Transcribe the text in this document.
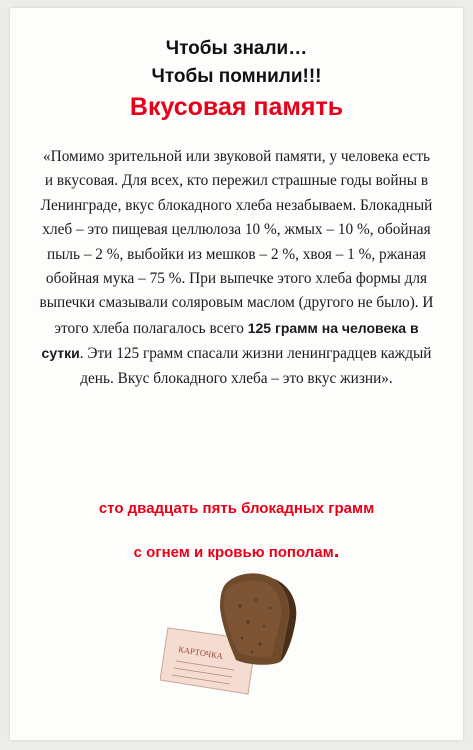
Чтобы знали…
Чтобы помнили!!!
Вкусовая память
«Помимо зрительной или звуковой памяти, у человека есть и вкусовая. Для всех, кто пережил страшные годы войны в Ленинграде, вкус блокадного хлеба незабываем. Блокадный хлеб – это пищевая целлюлоза 10 %, жмых – 10 %, обойная пыль – 2 %, выбойки из мешков – 2 %, хвоя – 1 %, ржаная обойная мука – 75 %. При выпечке этого хлеба формы для выпечки смазывали соляровым маслом (другого не было). И этого хлеба полагалось всего 125 грамм на человека в сутки. Эти 125 грамм спасали жизни ленинградцев каждый день. Вкус блокадного хлеба – это вкус жизни».
сто двадцать пять блокадных грамм
с огнем и кровью пополам.
КАРТОЧКА
